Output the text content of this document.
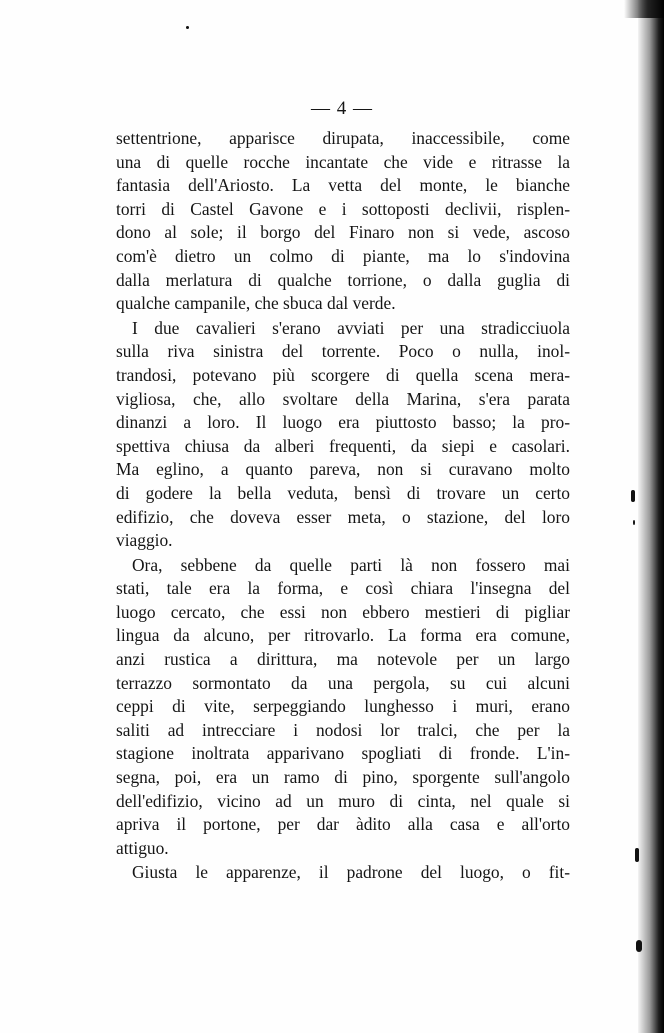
— 4 —
settentrione, apparisce dirupata, inaccessibile, come
una di quelle rocche incantate che vide e ritrasse la
fantasia dell'Ariosto. La vetta del monte, le bianche
torri di Castel Gavone e i sottoposti declivii, risplen-
dono al sole; il borgo del Finaro non si vede, ascoso
com'è dietro un colmo di piante, ma lo s'indovina
dalla merlatura di qualche torrione, o dalla guglia di
qualche campanile, che sbuca dal verde.
I due cavalieri s'erano avviati per una stradicciuola
sulla riva sinistra del torrente. Poco o nulla, inol-
trandosi, potevano più scorgere di quella scena mera-
vigliosa, che, allo svoltare della Marina, s'era parata
dinanzi a loro. Il luogo era piuttosto basso; la pro-
spettiva chiusa da alberi frequenti, da siepi e casolari.
Ma eglino, a quanto pareva, non si curavano molto
di godere la bella veduta, bensì di trovare un certo
edifizio, che doveva esser meta, o stazione, del loro
viaggio.
Ora, sebbene da quelle parti là non fossero mai
stati, tale era la forma, e così chiara l'insegna del
luogo cercato, che essi non ebbero mestieri di pigliar
lingua da alcuno, per ritrovarlo. La forma era comune,
anzi rustica a dirittura, ma notevole per un largo
terrazzo sormontato da una pergola, su cui alcuni
ceppi di vite, serpeggiando lunghesso i muri, erano
saliti ad intrecciare i nodosi lor tralci, che per la
stagione inoltrata apparivano spogliati di fronde. L'in-
segna, poi, era un ramo di pino, sporgente sull'angolo
dell'edifizio, vicino ad un muro di cinta, nel quale si
apriva il portone, per dar àdito alla casa e all'orto
attiguo.
Giusta le apparenze, il padrone del luogo, o fit-
